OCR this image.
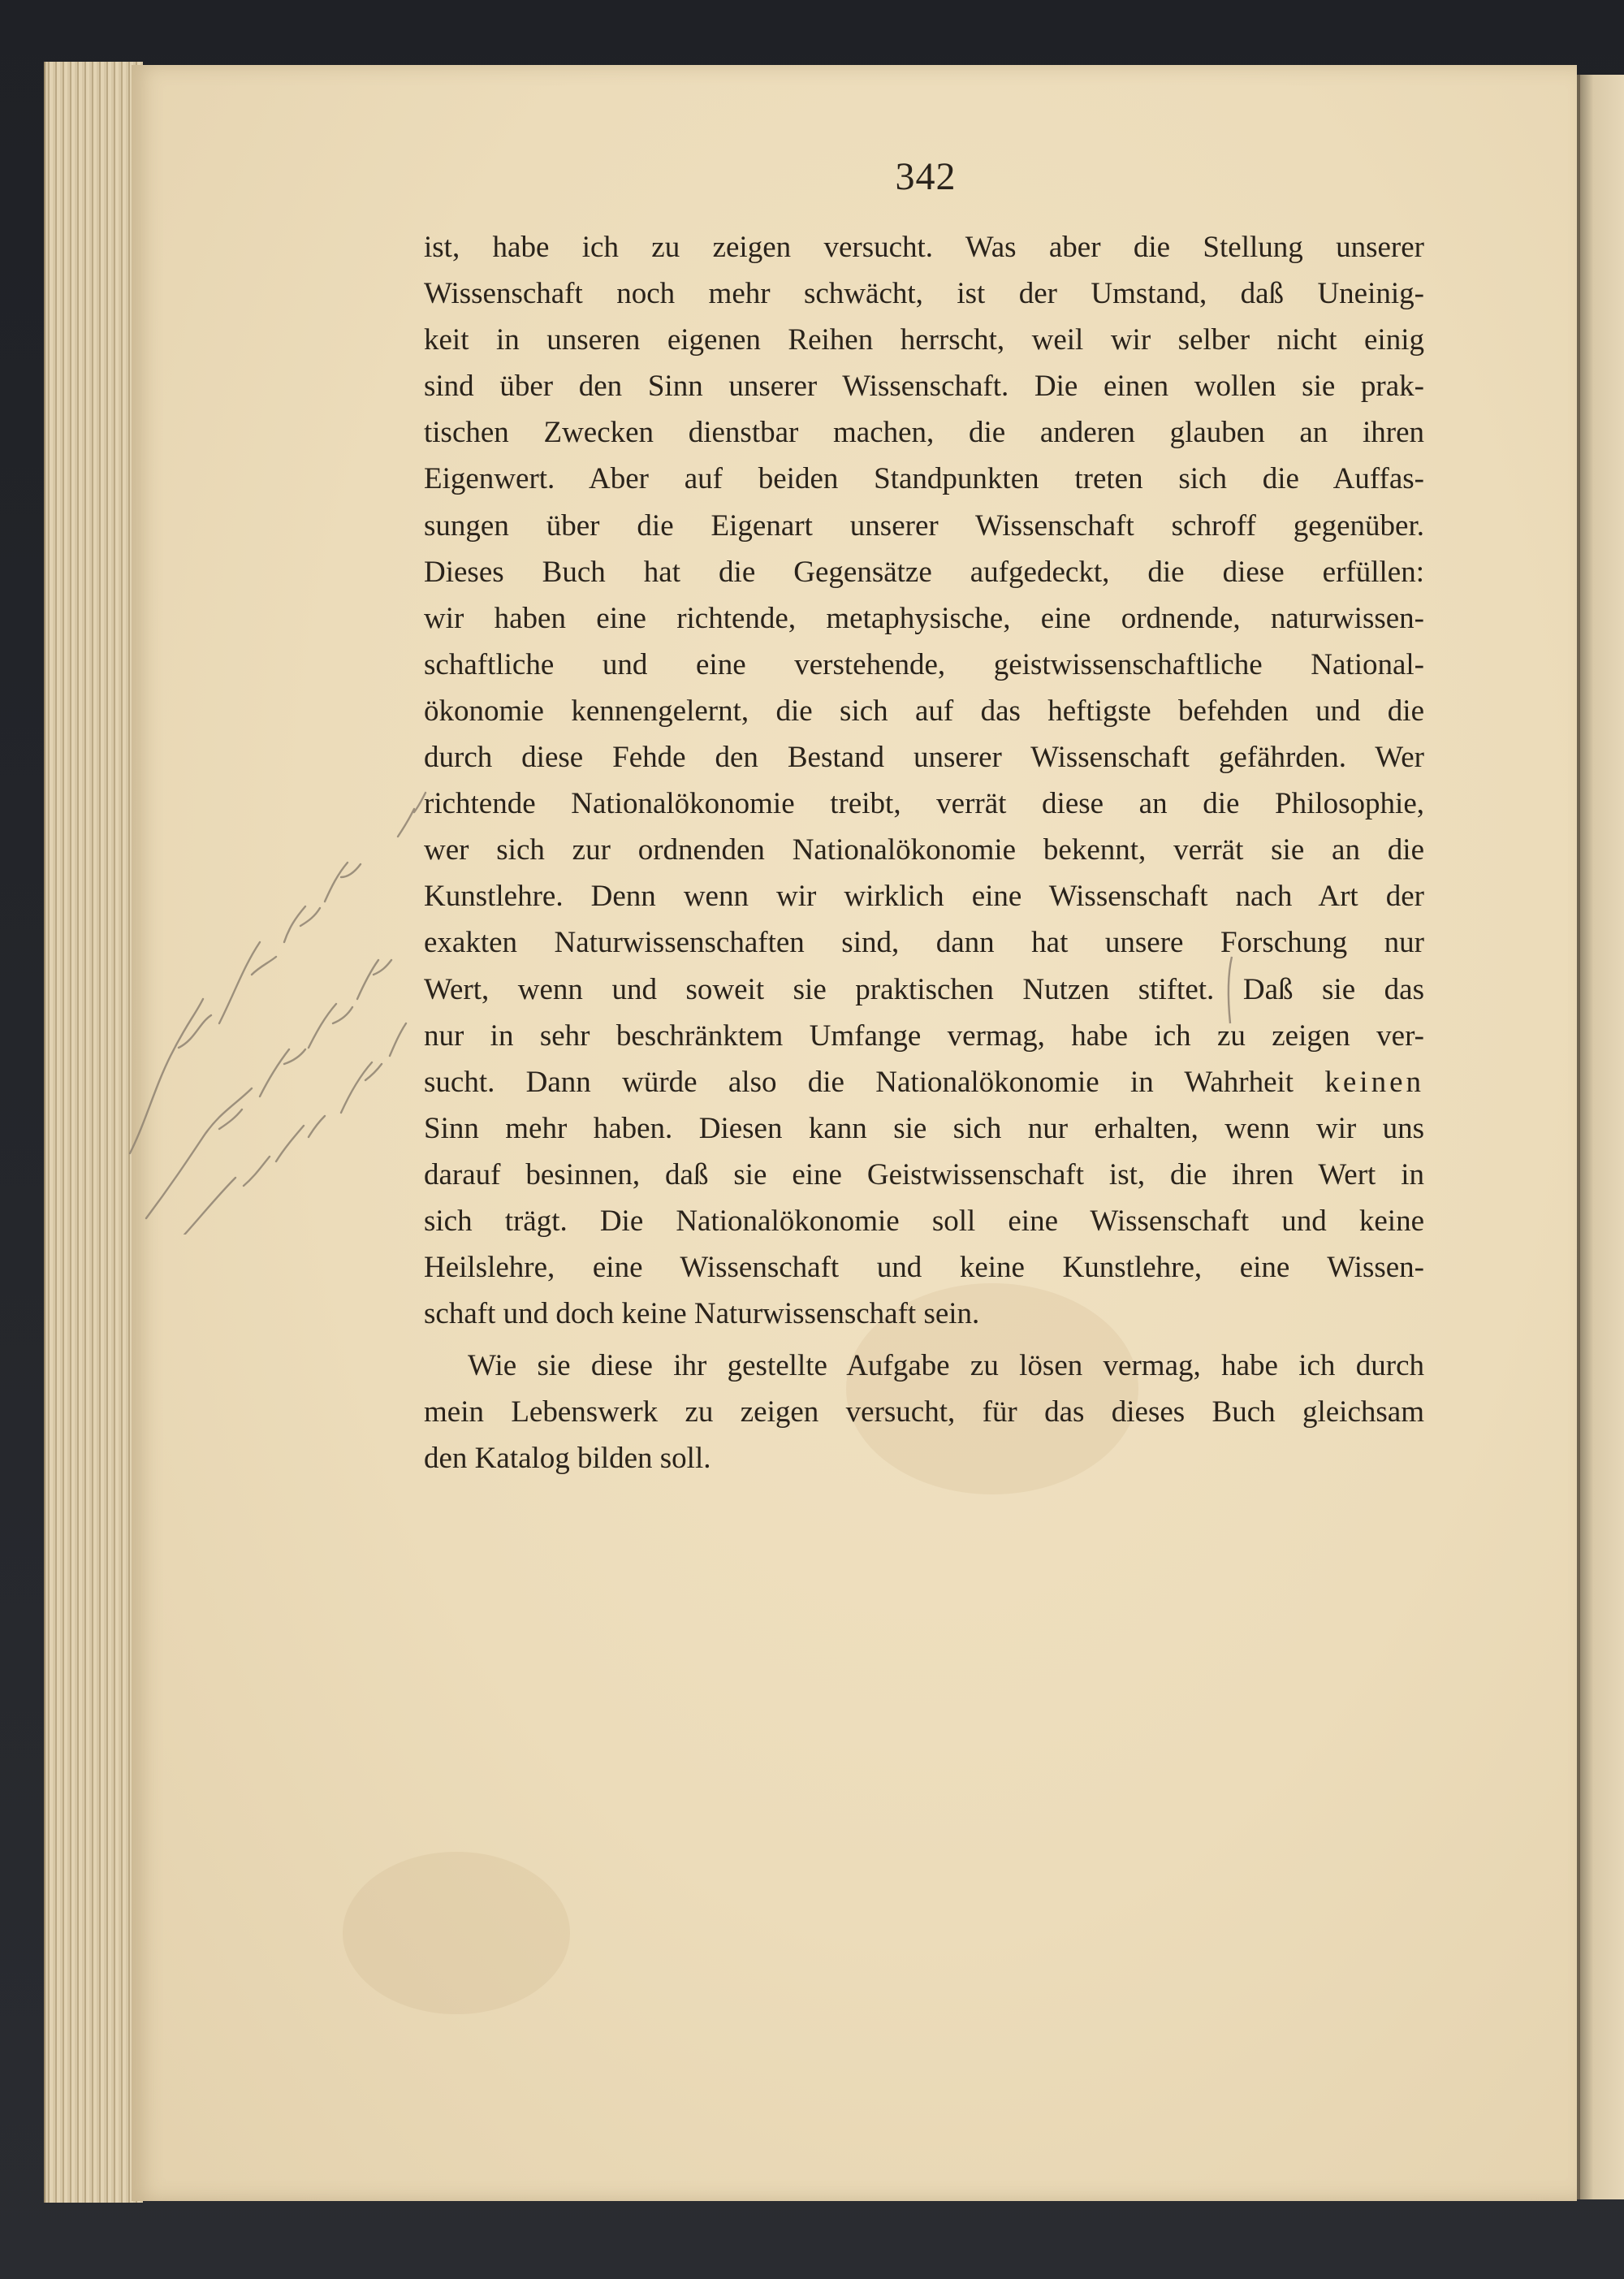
342
ist, habe ich zu zeigen versucht. Was aber die Stellung unserer
Wissenschaft noch mehr schwächt, ist der Umstand, daß Uneinig-
keit in unseren eigenen Reihen herrscht, weil wir selber nicht einig
sind über den Sinn unserer Wissenschaft. Die einen wollen sie prak-
tischen Zwecken dienstbar machen, die anderen glauben an ihren
Eigenwert. Aber auf beiden Standpunkten treten sich die Auffas-
sungen über die Eigenart unserer Wissenschaft schroff gegenüber.
Dieses Buch hat die Gegensätze aufgedeckt, die diese erfüllen:
wir haben eine richtende, metaphysische, eine ordnende, naturwissen-
schaftliche und eine verstehende, geistwissenschaftliche National-
ökonomie kennengelernt, die sich auf das heftigste befehden und die
durch diese Fehde den Bestand unserer Wissenschaft gefährden. Wer
richtende Nationalökonomie treibt, verrät diese an die Philosophie,
wer sich zur ordnenden Nationalökonomie bekennt, verrät sie an die
Kunstlehre. Denn wenn wir wirklich eine Wissenschaft nach Art der
exakten Naturwissenschaften sind, dann hat unsere Forschung nur
Wert, wenn und soweit sie praktischen Nutzen stiftet. Daß sie das
nur in sehr beschränktem Umfange vermag, habe ich zu zeigen ver-
sucht. Dann würde also die Nationalökonomie in Wahrheit keinen
Sinn mehr haben. Diesen kann sie sich nur erhalten, wenn wir uns
darauf besinnen, daß sie eine Geistwissenschaft ist, die ihren Wert in
sich trägt. Die Nationalökonomie soll eine Wissenschaft und keine
Heilslehre, eine Wissenschaft und keine Kunstlehre, eine Wissen-
schaft und doch keine Naturwissenschaft sein.
Wie sie diese ihr gestellte Aufgabe zu lösen vermag, habe ich durch
mein Lebenswerk zu zeigen versucht, für das dieses Buch gleichsam
den Katalog bilden soll.
